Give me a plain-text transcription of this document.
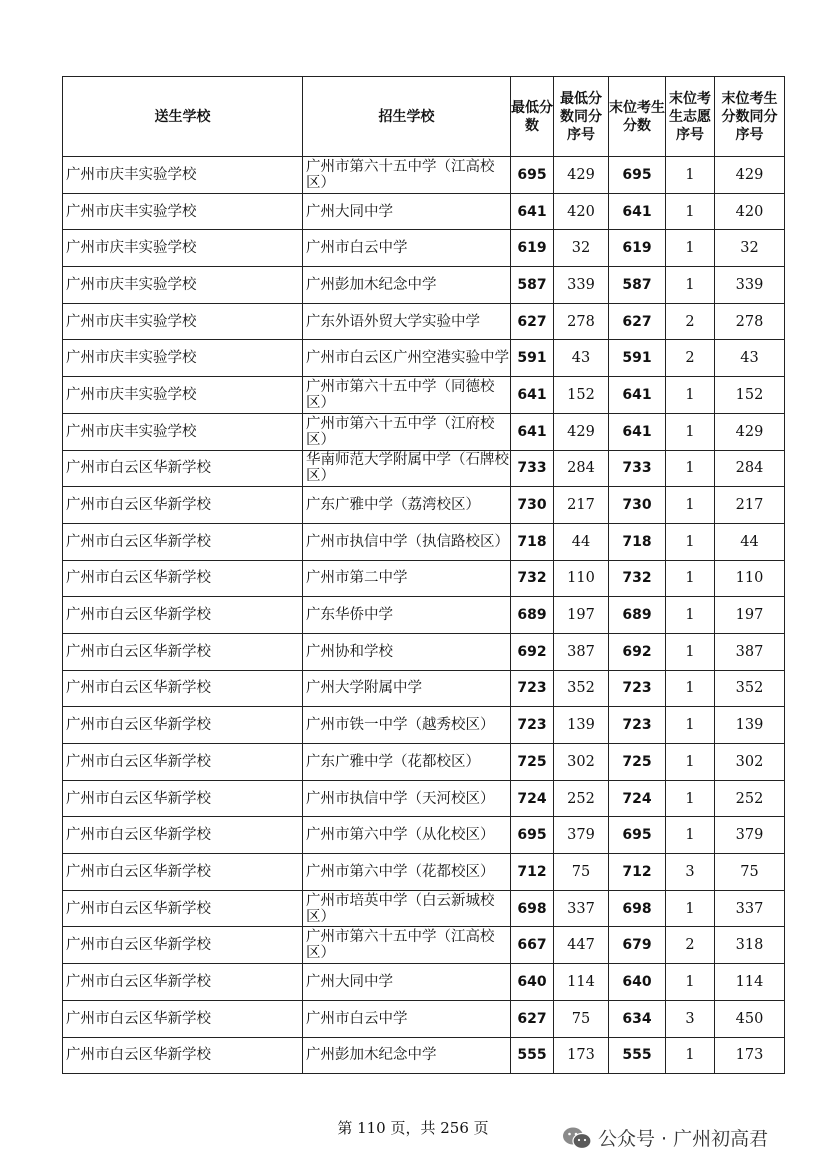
送生学校	招生学校	最低分数	最低分数同分序号	末位考生分数	末位考生志愿序号	末位考生分数同分序号
广州市庆丰实验学校	广州市第六十五中学（江高校区）	695	429	695	1	429
广州市庆丰实验学校	广州大同中学	641	420	641	1	420
广州市庆丰实验学校	广州市白云中学	619	32	619	1	32
广州市庆丰实验学校	广州彭加木纪念中学	587	339	587	1	339
广州市庆丰实验学校	广东外语外贸大学实验中学	627	278	627	2	278
广州市庆丰实验学校	广州市白云区广州空港实验中学	591	43	591	2	43
广州市庆丰实验学校	广州市第六十五中学（同德校区）	641	152	641	1	152
广州市庆丰实验学校	广州市第六十五中学（江府校区）	641	429	641	1	429
广州市白云区华新学校	华南师范大学附属中学（石牌校区）	733	284	733	1	284
广州市白云区华新学校	广东广雅中学（荔湾校区）	730	217	730	1	217
广州市白云区华新学校	广州市执信中学（执信路校区）	718	44	718	1	44
广州市白云区华新学校	广州市第二中学	732	110	732	1	110
广州市白云区华新学校	广东华侨中学	689	197	689	1	197
广州市白云区华新学校	广州协和学校	692	387	692	1	387
广州市白云区华新学校	广州大学附属中学	723	352	723	1	352
广州市白云区华新学校	广州市铁一中学（越秀校区）	723	139	723	1	139
广州市白云区华新学校	广东广雅中学（花都校区）	725	302	725	1	302
广州市白云区华新学校	广州市执信中学（天河校区）	724	252	724	1	252
广州市白云区华新学校	广州市第六中学（从化校区）	695	379	695	1	379
广州市白云区华新学校	广州市第六中学（花都校区）	712	75	712	3	75
广州市白云区华新学校	广州市培英中学（白云新城校区）	698	337	698	1	337
广州市白云区华新学校	广州市第六十五中学（江高校区）	667	447	679	2	318
广州市白云区华新学校	广州大同中学	640	114	640	1	114
广州市白云区华新学校	广州市白云中学	627	75	634	3	450
广州市白云区华新学校	广州彭加木纪念中学	555	173	555	1	173
第 110 页，共 256 页	公众号 · 广州初高君
